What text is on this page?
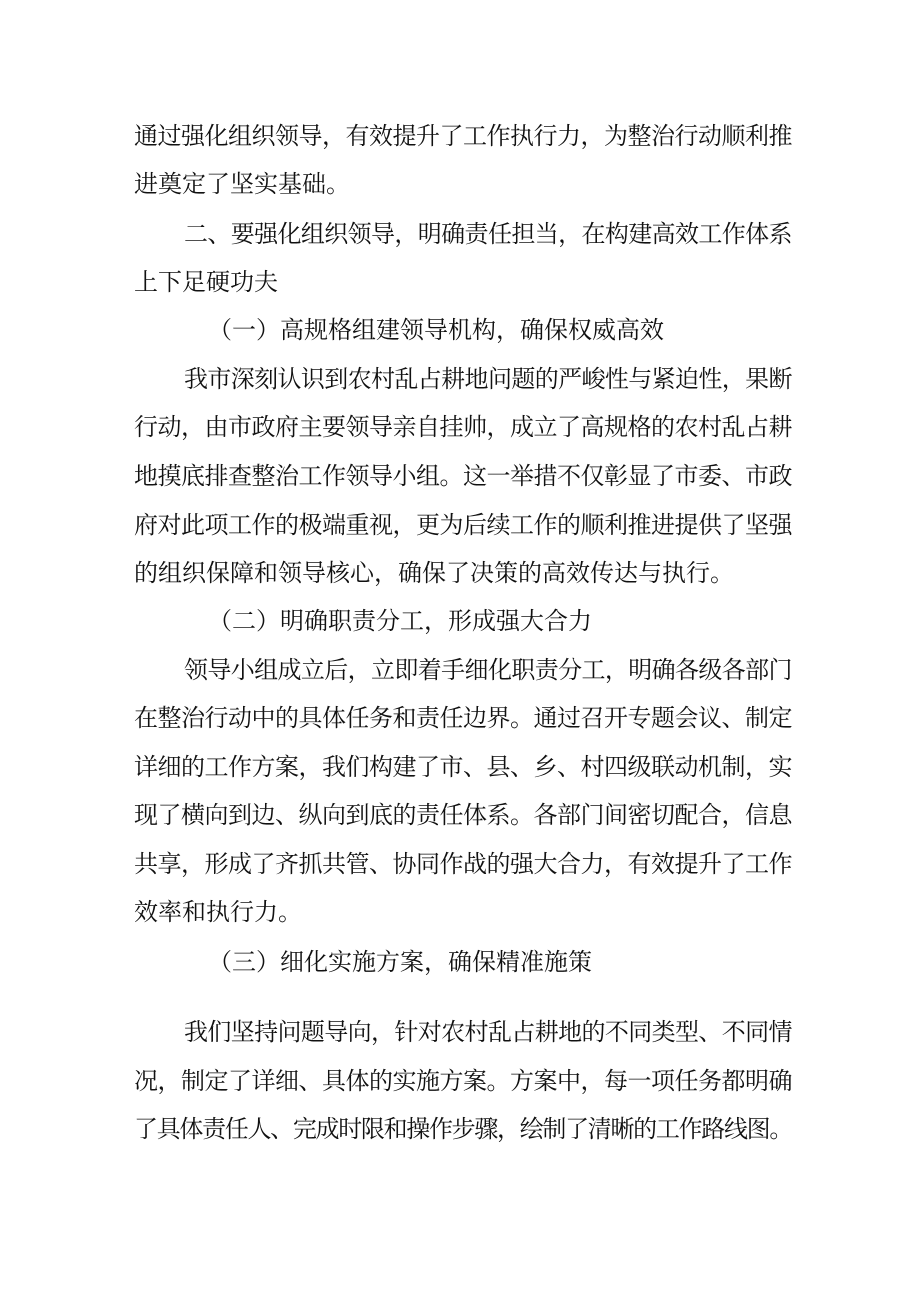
通过强化组织领导，有效提升了工作执行力，为整治行动顺利推
进奠定了坚实基础。
二、要强化组织领导，明确责任担当，在构建高效工作体系
上下足硬功夫
（一）高规格组建领导机构，确保权威高效
我市深刻认识到农村乱占耕地问题的严峻性与紧迫性，果断
行动，由市政府主要领导亲自挂帅，成立了高规格的农村乱占耕
地摸底排查整治工作领导小组。这一举措不仅彰显了市委、市政
府对此项工作的极端重视，更为后续工作的顺利推进提供了坚强
的组织保障和领导核心，确保了决策的高效传达与执行。
（二）明确职责分工，形成强大合力
领导小组成立后，立即着手细化职责分工，明确各级各部门
在整治行动中的具体任务和责任边界。通过召开专题会议、制定
详细的工作方案，我们构建了市、县、乡、村四级联动机制，实
现了横向到边、纵向到底的责任体系。各部门间密切配合，信息
共享，形成了齐抓共管、协同作战的强大合力，有效提升了工作
效率和执行力。
（三）细化实施方案，确保精准施策
我们坚持问题导向，针对农村乱占耕地的不同类型、不同情
况，制定了详细、具体的实施方案。方案中，每一项任务都明确
了具体责任人、完成时限和操作步骤，绘制了清晰的工作路线图。
